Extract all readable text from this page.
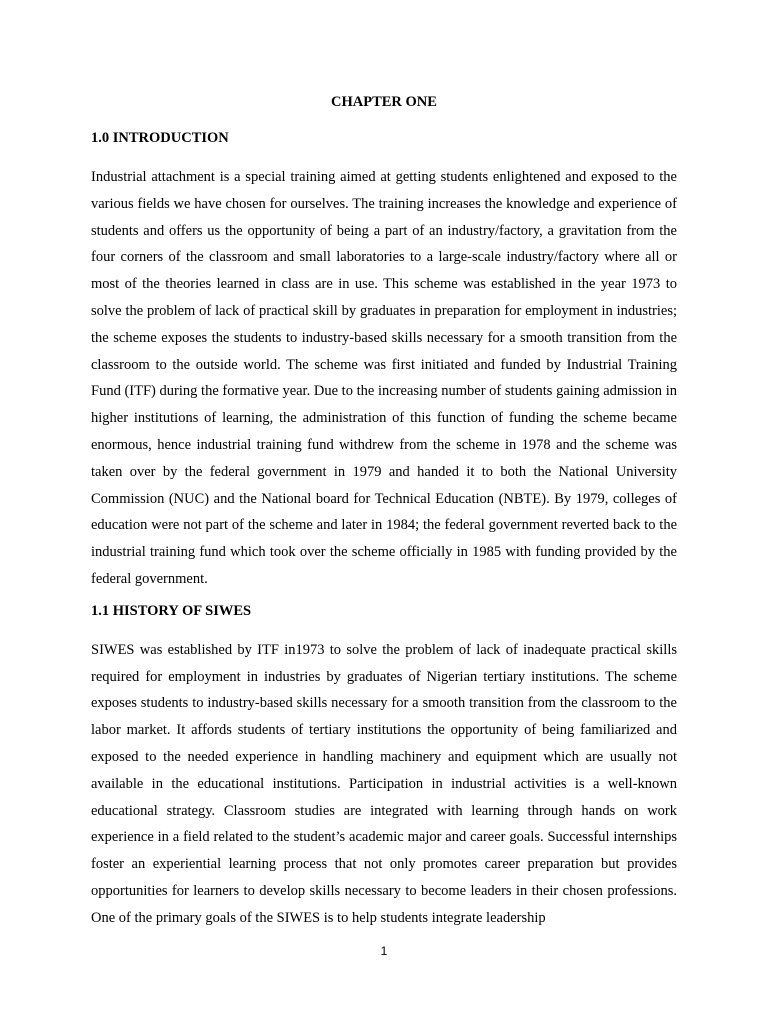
CHAPTER ONE
1.0 INTRODUCTION

Industrial attachment is a special training aimed at getting students enlightened and exposed to the various fields we have chosen for ourselves. The training increases the knowledge and experience of students and offers us the opportunity of being a part of an industry/factory, a gravitation from the four corners of the classroom and small laboratories to a large-scale industry/factory where all or most of the theories learned in class are in use. This scheme was established in the year 1973 to solve the problem of lack of practical skill by graduates in preparation for employment in industries; the scheme exposes the students to industry-based skills necessary for a smooth transition from the classroom to the outside world. The scheme was first initiated and funded by Industrial Training Fund (ITF) during the formative year. Due to the increasing number of students gaining admission in higher institutions of learning, the administration of this function of funding the scheme became enormous, hence industrial training fund withdrew from the scheme in 1978 and the scheme was taken over by the federal government in 1979 and handed it to both the National University Commission (NUC) and the National board for Technical Education (NBTE). By 1979, colleges of education were not part of the scheme and later in 1984; the federal government reverted back to the industrial training fund which took over the scheme officially in 1985 with funding provided by the federal government.

1.1 HISTORY OF SIWES

SIWES was established by ITF in1973 to solve the problem of lack of inadequate practical skills required for employment in industries by graduates of Nigerian tertiary institutions. The scheme exposes students to industry-based skills necessary for a smooth transition from the classroom to the labor market. It affords students of tertiary institutions the opportunity of being familiarized and exposed to the needed experience in handling machinery and equipment which are usually not available in the educational institutions. Participation in industrial activities is a well-known educational strategy. Classroom studies are integrated with learning through hands on work experience in a field related to the student’s academic major and career goals. Successful internships foster an experiential learning process that not only promotes career preparation but provides opportunities for learners to develop skills necessary to become leaders in their chosen professions. One of the primary goals of the SIWES is to help students integrate leadership

1
